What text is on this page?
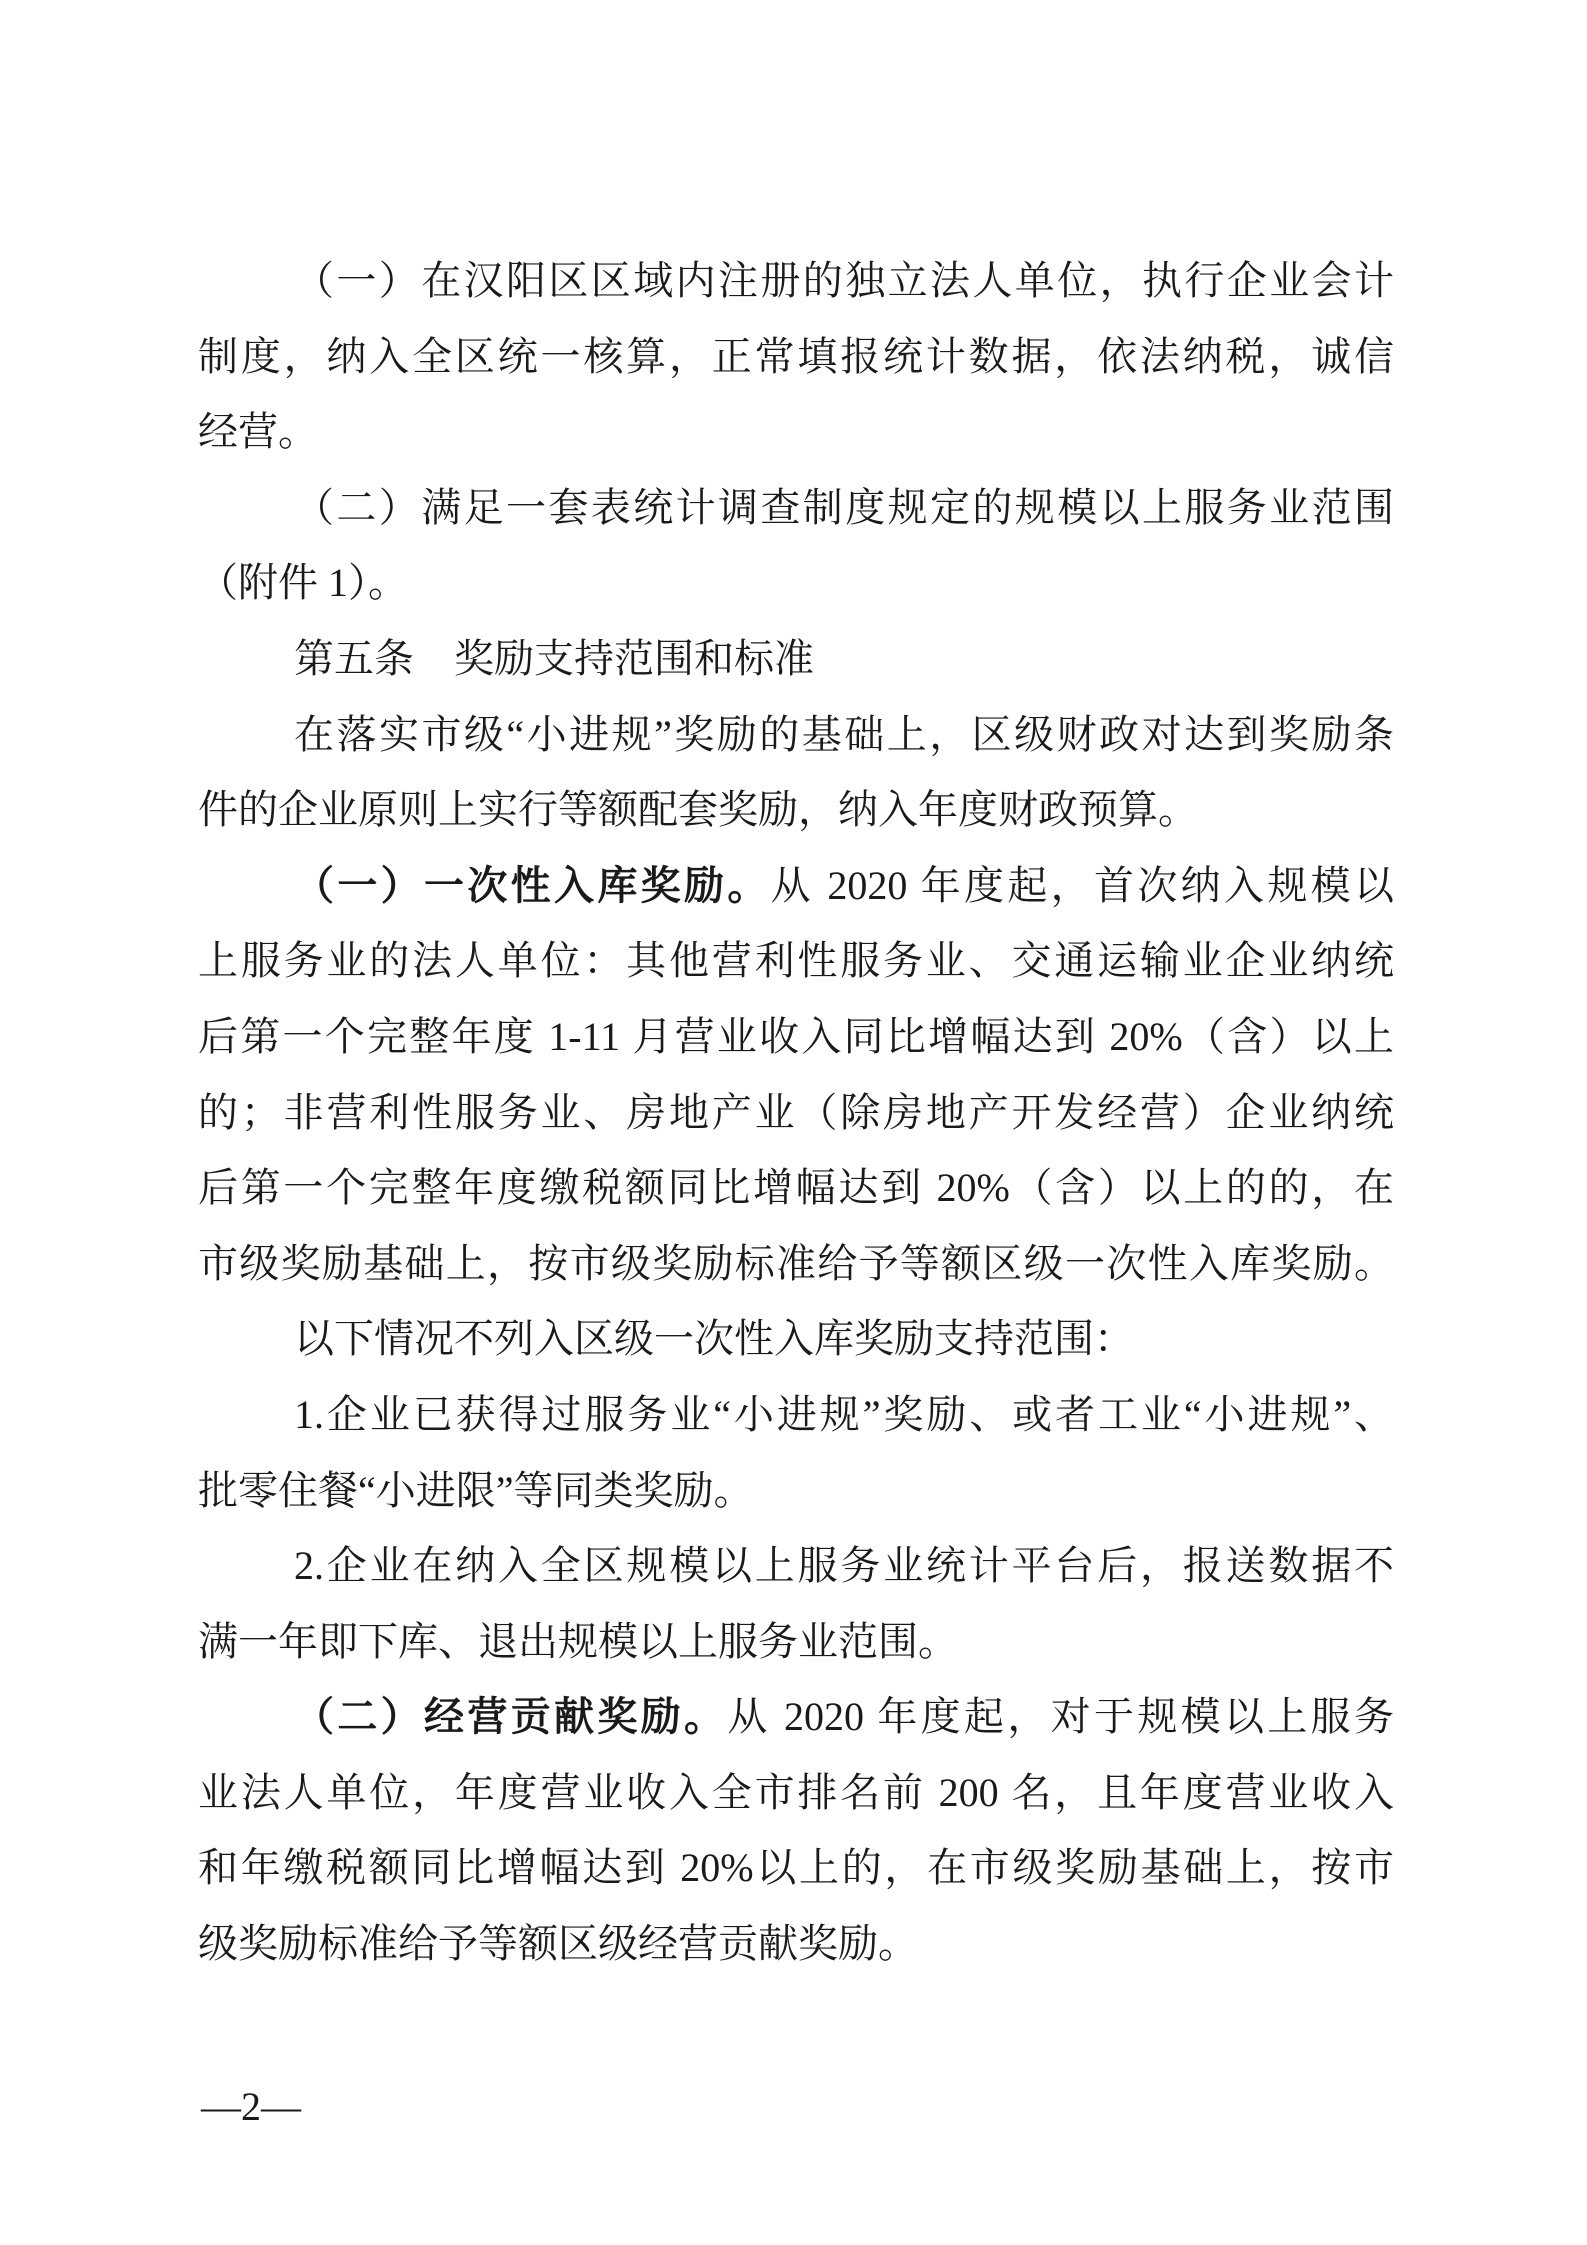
（一）在汉阳区区域内注册的独立法人单位，执行企业会计
制度，纳入全区统一核算，正常填报统计数据，依法纳税，诚信
经营。
（二）满足一套表统计调查制度规定的规模以上服务业范围
（附件 1）。
第五条　奖励支持范围和标准
在落实市级“小进规”奖励的基础上，区级财政对达到奖励条
件的企业原则上实行等额配套奖励，纳入年度财政预算。
（一）一次性入库奖励。从 2020 年度起，首次纳入规模以
上服务业的法人单位：其他营利性服务业、交通运输业企业纳统
后第一个完整年度 1-11 月营业收入同比增幅达到 20%（含）以上
的；非营利性服务业、房地产业（除房地产开发经营）企业纳统
后第一个完整年度缴税额同比增幅达到 20%（含）以上的的，在
市级奖励基础上，按市级奖励标准给予等额区级一次性入库奖励。
以下情况不列入区级一次性入库奖励支持范围：
1.企业已获得过服务业“小进规”奖励、或者工业“小进规”、
批零住餐“小进限”等同类奖励。
2.企业在纳入全区规模以上服务业统计平台后，报送数据不
满一年即下库、退出规模以上服务业范围。
（二）经营贡献奖励。从 2020 年度起，对于规模以上服务
业法人单位，年度营业收入全市排名前 200 名，且年度营业收入
和年缴税额同比增幅达到 20%以上的，在市级奖励基础上，按市
级奖励标准给予等额区级经营贡献奖励。
—2—
